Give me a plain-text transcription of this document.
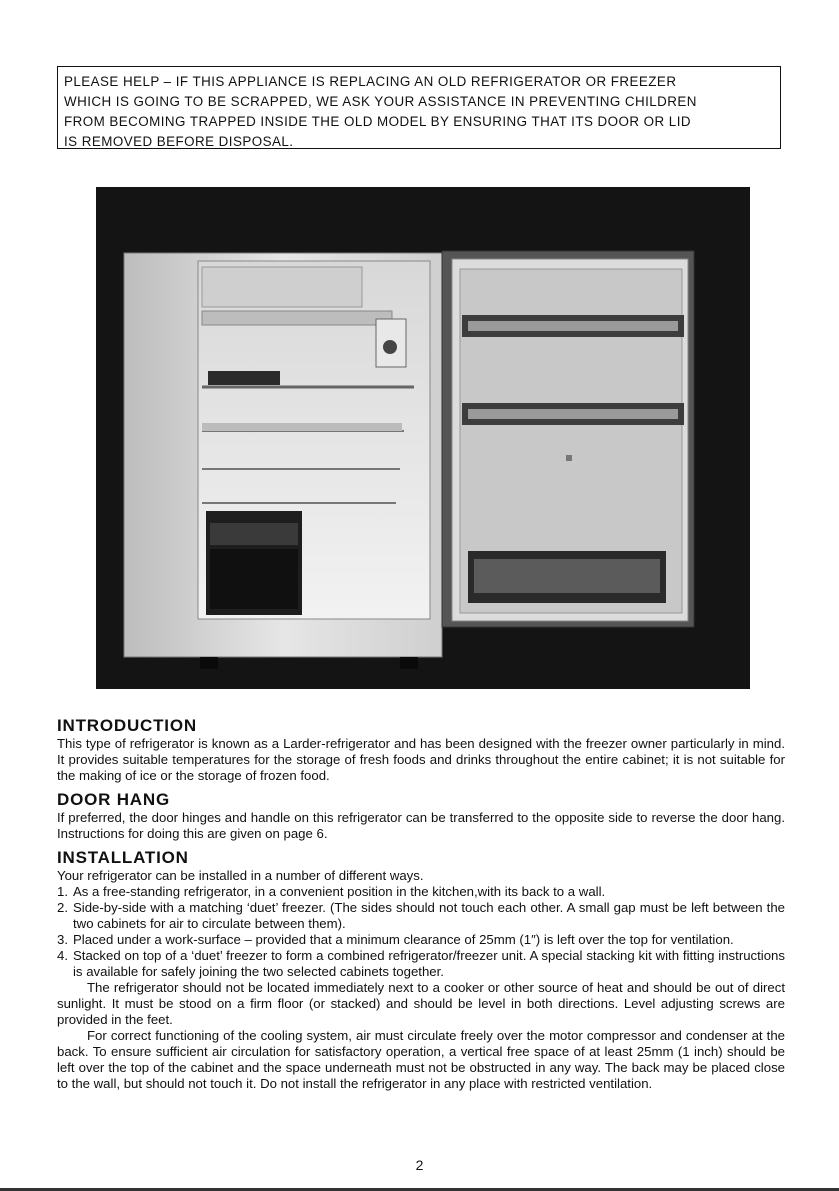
PLEASE HELP – IF THIS APPLIANCE IS REPLACING AN OLD REFRIGERATOR OR FREEZER
WHICH IS GOING TO BE SCRAPPED, WE ASK YOUR ASSISTANCE IN PREVENTING CHILDREN
FROM BECOMING TRAPPED INSIDE THE OLD MODEL BY ENSURING THAT ITS DOOR OR LID
IS REMOVED BEFORE DISPOSAL.
INTRODUCTION

This type of refrigerator is known as a Larder-refrigerator and has been designed with the freezer owner particularly in mind. It provides suitable temperatures for the storage of fresh foods and drinks throughout the entire cabinet; it is not suitable for the making of ice or the storage of frozen food.

DOOR HANG

If preferred, the door hinges and handle on this refrigerator can be transferred to the opposite side to reverse the door hang. Instructions for doing this are given on page 6.

INSTALLATION

Your refrigerator can be installed in a number of different ways.

1. As a free-standing refrigerator, in a convenient position in the kitchen,with its back to a wall.
2. Side-by-side with a matching ‘duet’ freezer. (The sides should not touch each other. A small gap must be left between the two cabinets for air to circulate between them).
3. Placed under a work-surface – provided that a minimum clearance of 25mm (1″) is left over the top for ventilation.
4. Stacked on top of a ‘duet’ freezer to form a combined refrigerator/freezer unit. A special stacking kit with fitting instructions is available for safely joining the two selected cabinets together.

The refrigerator should not be located immediately next to a cooker or other source of heat and should be out of direct sunlight. It must be stood on a firm floor (or stacked) and should be level in both directions. Level adjusting screws are provided in the feet.

For correct functioning of the cooling system, air must circulate freely over the motor compressor and condenser at the back. To ensure sufficient air circulation for satisfactory operation, a vertical free space of at least 25mm (1 inch) should be left over the top of the cabinet and the space underneath must not be obstructed in any way. The back may be placed close to the wall, but should not touch it. Do not install the refrigerator in any place with restricted ventilation.

2
